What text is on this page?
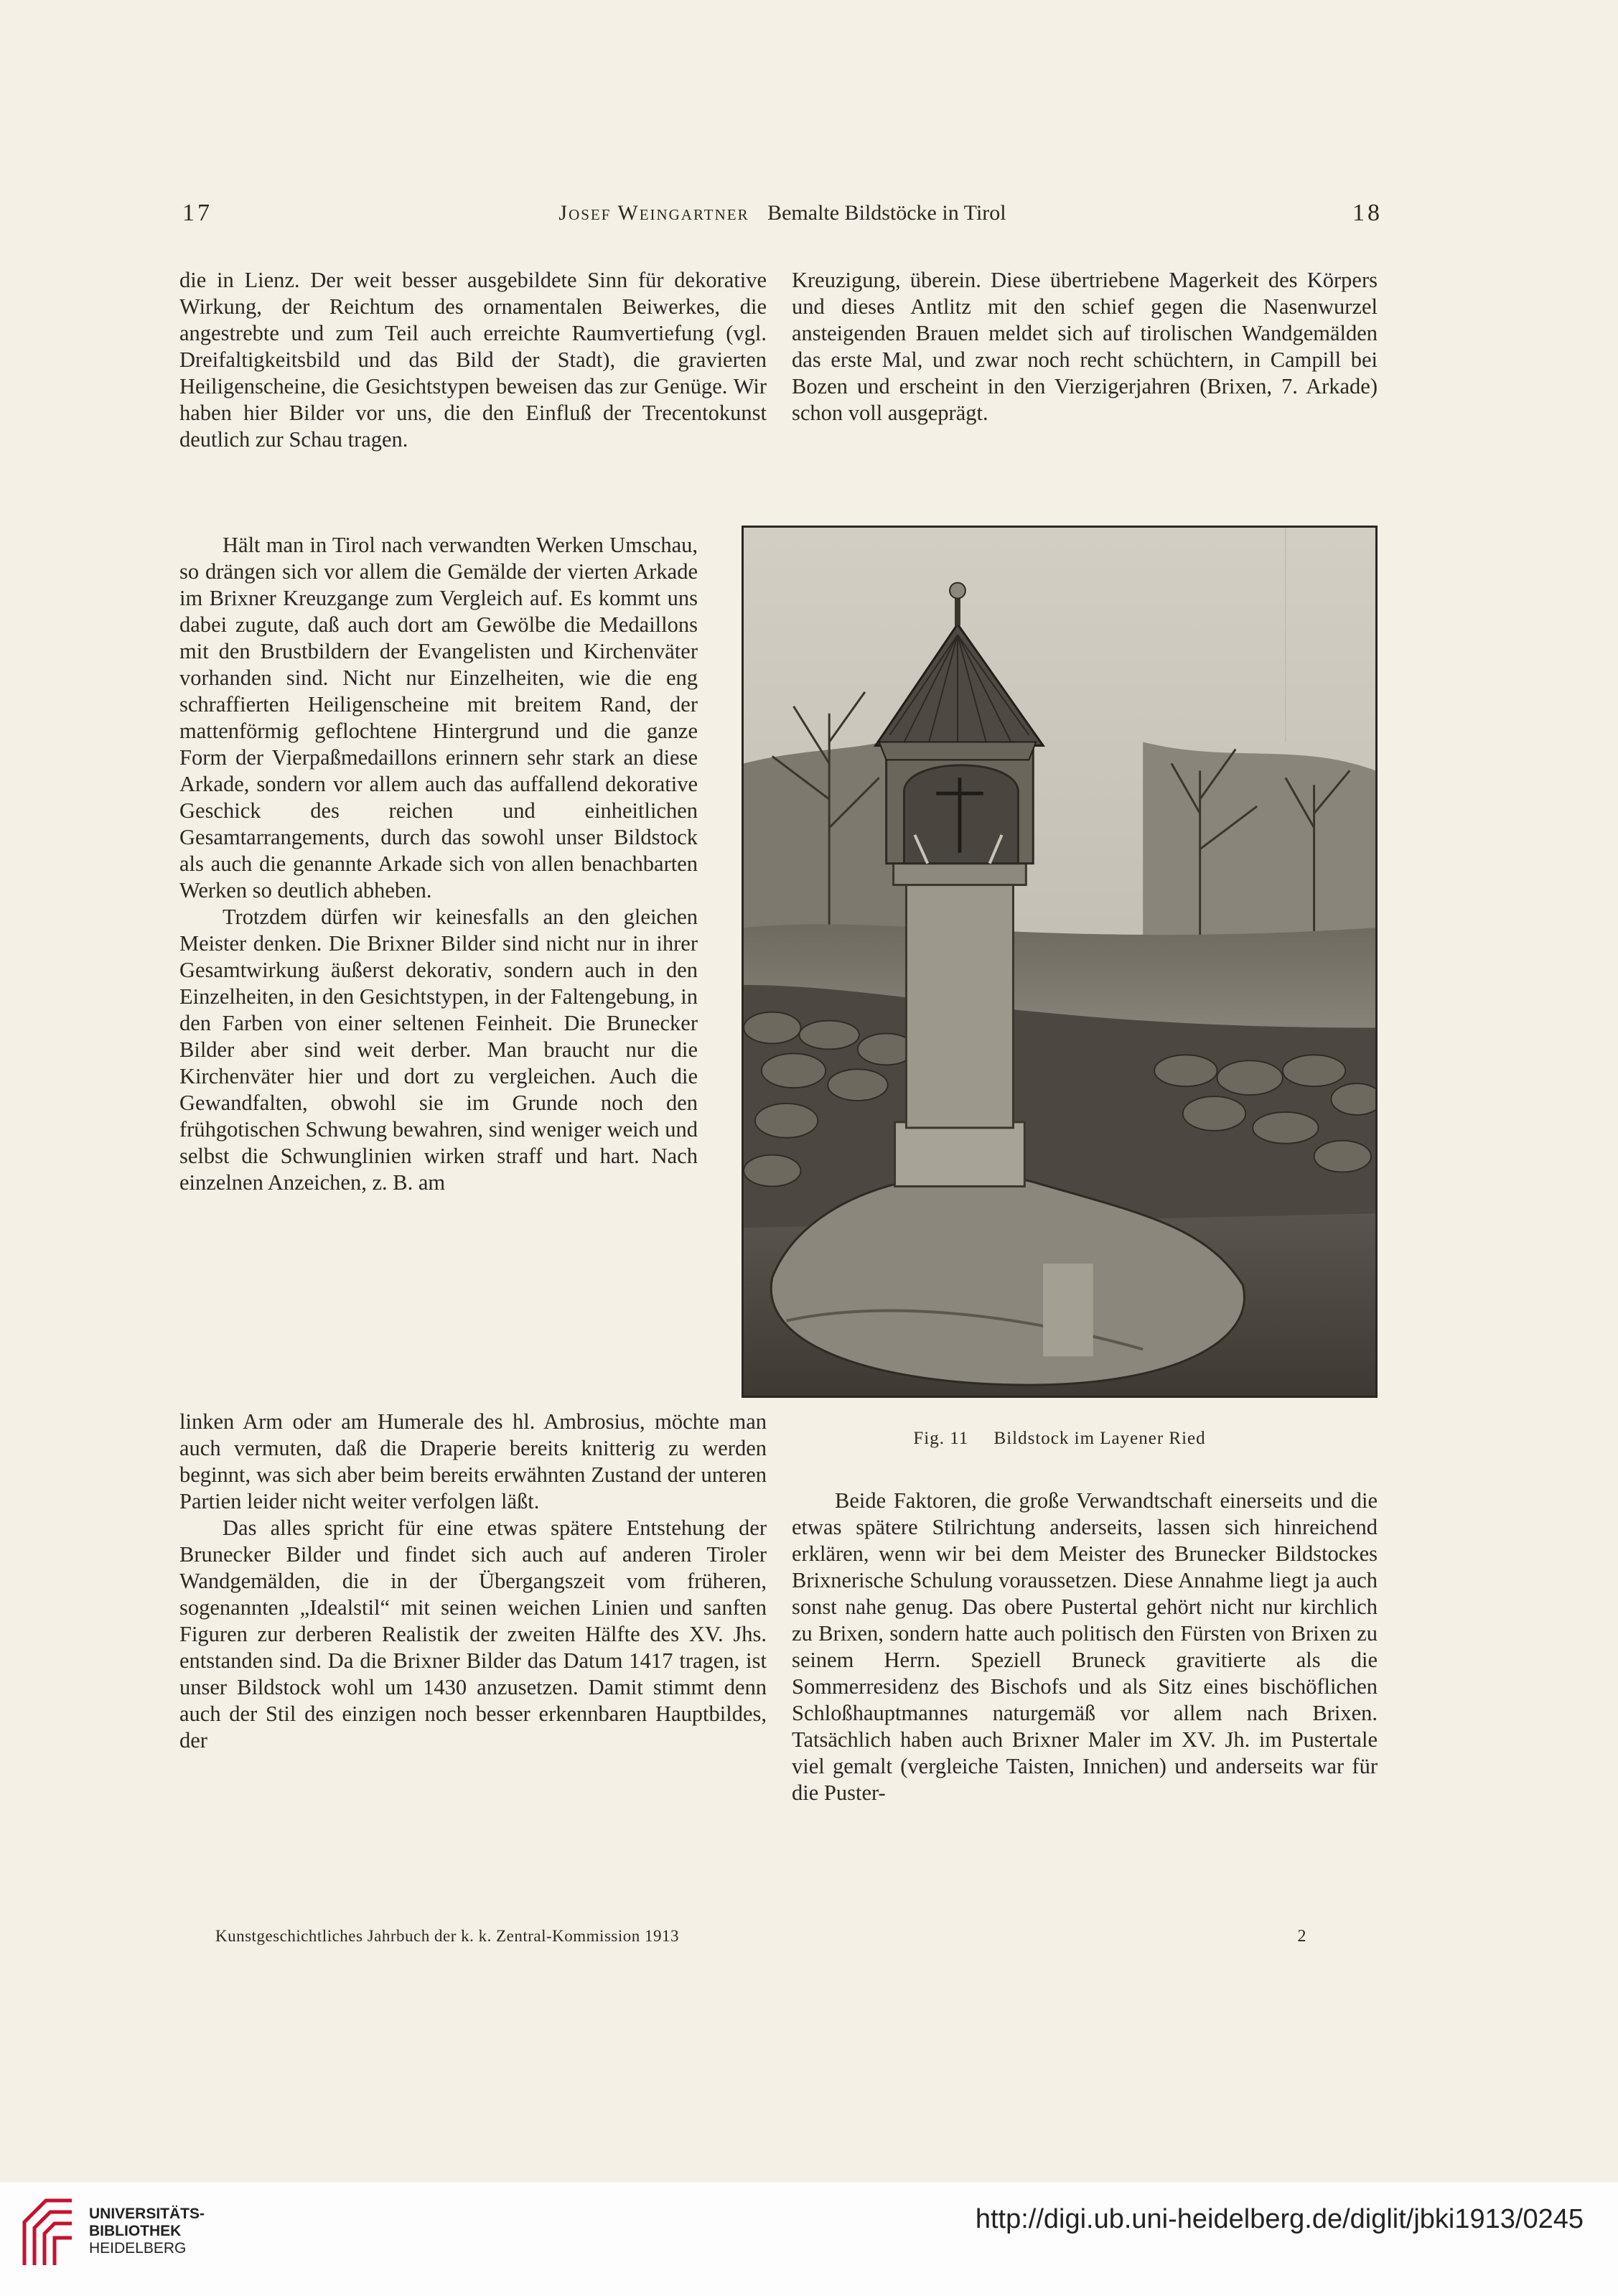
17	Josef Weingartner Bemalte Bildstöcke in Tirol	18

die in Lienz. Der weit besser ausgebildete Sinn für dekorative Wirkung, der Reichtum des ornamentalen Beiwerkes, die angestrebte und zum Teil auch erreichte Raumvertiefung (vgl. Dreifaltigkeitsbild und das Bild der Stadt), die gravierten Heiligenscheine, die Gesichtstypen beweisen das zur Genüge. Wir haben hier Bilder vor uns, die den Einfluß der Trecentokunst deutlich zur Schau tragen.

Hält man in Tirol nach verwandten Werken Umschau, so drängen sich vor allem die Gemälde der vierten Arkade im Brixner Kreuzgange zum Vergleich auf. Es kommt uns dabei zugute, daß auch dort am Gewölbe die Medaillons mit den Brustbildern der Evangelisten und Kirchenväter vorhanden sind. Nicht nur Einzelheiten, wie die eng schraffierten Heiligenscheine mit breitem Rand, der mattenförmig geflochtene Hintergrund und die ganze Form der Vierpaßmedaillons erinnern sehr stark an diese Arkade, sondern vor allem auch das auffallend dekorative Geschick des reichen und einheitlichen Gesamtarrangements, durch das sowohl unser Bildstock als auch die genannte Arkade sich von allen benachbarten Werken so deutlich abheben.

Trotzdem dürfen wir keinesfalls an den gleichen Meister denken. Die Brixner Bilder sind nicht nur in ihrer Gesamtwirkung äußerst dekorativ, sondern auch in den Einzelheiten, in den Gesichtstypen, in der Faltengebung, in den Farben von einer seltenen Feinheit. Die Brunecker Bilder aber sind weit derber. Man braucht nur die Kirchenväter hier und dort zu vergleichen. Auch die Gewandfalten, obwohl sie im Grunde noch den frühgotischen Schwung bewahren, sind weniger weich und selbst die Schwunglinien wirken straff und hart. Nach einzelnen Anzeichen, z. B. am

linken Arm oder am Humerale des hl. Ambrosius, möchte man auch vermuten, daß die Draperie bereits knitterig zu werden beginnt, was sich aber beim bereits erwähnten Zustand der unteren Partien leider nicht weiter verfolgen läßt.

Das alles spricht für eine etwas spätere Entstehung der Brunecker Bilder und findet sich auch auf anderen Tiroler Wandgemälden, die in der Übergangszeit vom früheren, sogenannten „Idealstil“ mit seinen weichen Linien und sanften Figuren zur derberen Realistik der zweiten Hälfte des XV. Jhs. entstanden sind. Da die Brixner Bilder das Datum 1417 tragen, ist unser Bildstock wohl um 1430 anzusetzen. Damit stimmt denn auch der Stil des einzigen noch besser erkennbaren Hauptbildes, der

Kreuzigung, überein. Diese übertriebene Magerkeit des Körpers und dieses Antlitz mit den schief gegen die Nasenwurzel ansteigenden Brauen meldet sich auf tirolischen Wandgemälden das erste Mal, und zwar noch recht schüchtern, in Campill bei Bozen und erscheint in den Vierzigerjahren (Brixen, 7. Arkade) schon voll ausgeprägt.

Beide Faktoren, die große Verwandtschaft einerseits und die etwas spätere Stilrichtung anderseits, lassen sich hinreichend erklären, wenn wir bei dem Meister des Brunecker Bildstockes Brixnerische Schulung voraussetzen. Diese Annahme liegt ja auch sonst nahe genug. Das obere Pustertal gehört nicht nur kirchlich zu Brixen, sondern hatte auch politisch den Fürsten von Brixen zu seinem Herrn. Speziell Bruneck gravitierte als die Sommerresidenz des Bischofs und als Sitz eines bischöflichen Schloßhauptmannes naturgemäß vor allem nach Brixen. Tatsächlich haben auch Brixner Maler im XV. Jh. im Pustertale viel gemalt (vergleiche Taisten, Innichen) und anderseits war für die Puster-

Fig. 11 Bildstock im Layener Ried
Kunstgeschichtliches Jahrbuch der k. k. Zentral-Kommission 1913	2
UNIVERSITÄTS-
BIBLIOTHEK
HEIDELBERG
http://digi.ub.uni-heidelberg.de/diglit/jbki1913/0245
